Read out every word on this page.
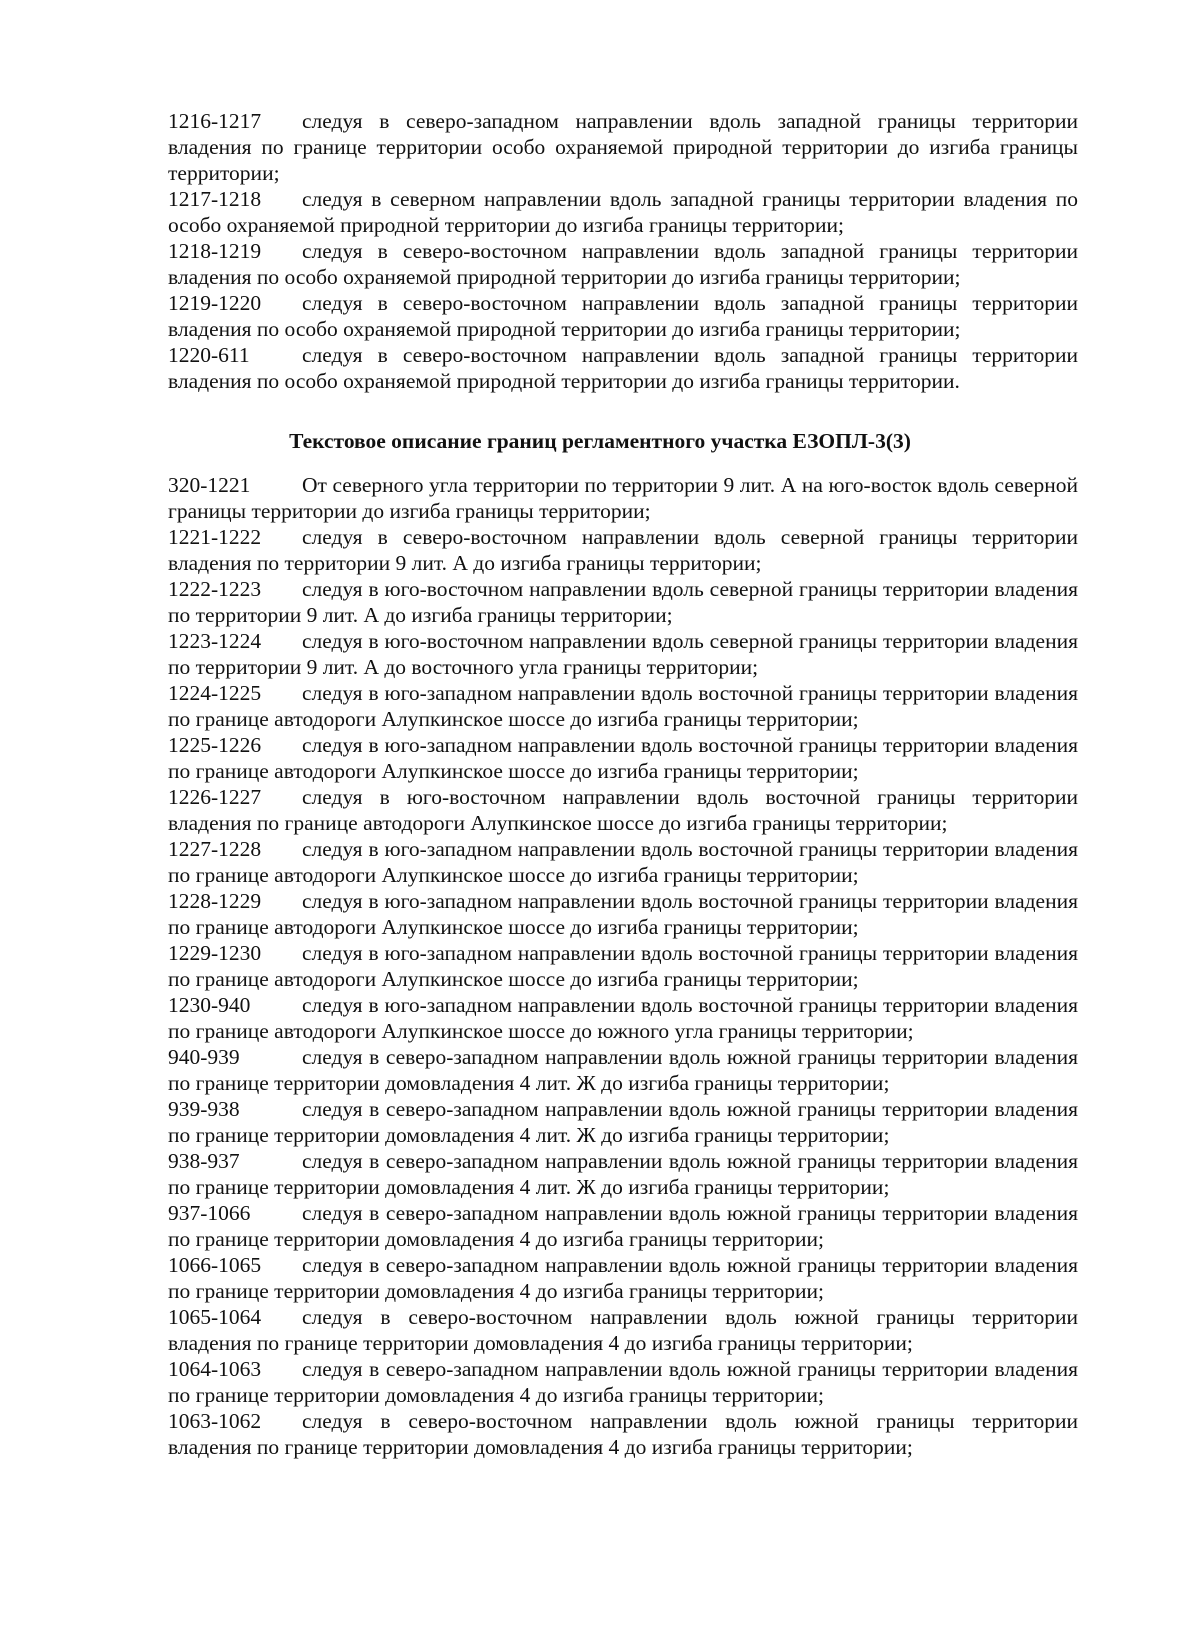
1216-1217 следуя в северо-западном направлении вдоль западной границы территории владения по границе территории особо охраняемой природной территории до изгиба границы территории;
1217-1218 следуя в северном направлении вдоль западной границы территории владения по особо охраняемой природной территории до изгиба границы территории;
1218-1219 следуя в северо-восточном направлении вдоль западной границы территории владения по особо охраняемой природной территории до изгиба границы территории;
1219-1220 следуя в северо-восточном направлении вдоль западной границы территории владения по особо охраняемой природной территории до изгиба границы территории;
1220-611 следуя в северо-восточном направлении вдоль западной границы территории владения по особо охраняемой природной территории до изгиба границы территории.
Текстовое описание границ регламентного участка ЕЗОПЛ-3(3)
320-1221 От северного угла территории по территории 9 лит. А на юго-восток вдоль северной границы территории до изгиба границы территории;
1221-1222 следуя в северо-восточном направлении вдоль северной границы территории владения по территории 9 лит. А до изгиба границы территории;
1222-1223 следуя в юго-восточном направлении вдоль северной границы территории владения по территории 9 лит. А до изгиба границы территории;
1223-1224 следуя в юго-восточном направлении вдоль северной границы территории владения по территории 9 лит. А до восточного угла границы территории;
1224-1225 следуя в юго-западном направлении вдоль восточной границы территории владения по границе автодороги Алупкинское шоссе до изгиба границы территории;
1225-1226 следуя в юго-западном направлении вдоль восточной границы территории владения по границе автодороги Алупкинское шоссе до изгиба границы территории;
1226-1227 следуя в юго-восточном направлении вдоль восточной границы территории владения по границе автодороги Алупкинское шоссе до изгиба границы территории;
1227-1228 следуя в юго-западном направлении вдоль восточной границы территории владения по границе автодороги Алупкинское шоссе до изгиба границы территории;
1228-1229 следуя в юго-западном направлении вдоль восточной границы территории владения по границе автодороги Алупкинское шоссе до изгиба границы территории;
1229-1230 следуя в юго-западном направлении вдоль восточной границы территории владения по границе автодороги Алупкинское шоссе до изгиба границы территории;
1230-940 следуя в юго-западном направлении вдоль восточной границы территории владения по границе автодороги Алупкинское шоссе до южного угла границы территории;
940-939	следуя в северо-западном направлении вдоль южной границы территории владения по границе территории домовладения 4 лит. Ж до изгиба границы территории;
939-938	следуя в северо-западном направлении вдоль южной границы территории владения по границе территории домовладения 4 лит. Ж до изгиба границы территории;
938-937	следуя в северо-западном направлении вдоль южной границы территории владения по границе территории домовладения 4 лит. Ж до изгиба границы территории;
937-1066 следуя в северо-западном направлении вдоль южной границы территории владения по границе территории домовладения 4 до изгиба границы территории;
1066-1065 следуя в северо-западном направлении вдоль южной границы территории владения по границе территории домовладения 4 до изгиба границы территории;
1065-1064 следуя в северо-восточном направлении вдоль южной границы территории владения по границе территории домовладения 4 до изгиба границы территории;
1064-1063 следуя в северо-западном направлении вдоль южной границы территории владения по границе территории домовладения 4 до изгиба границы территории;
1063-1062 следуя в северо-восточном направлении вдоль южной границы территории владения по границе территории домовладения 4 до изгиба границы территории;
